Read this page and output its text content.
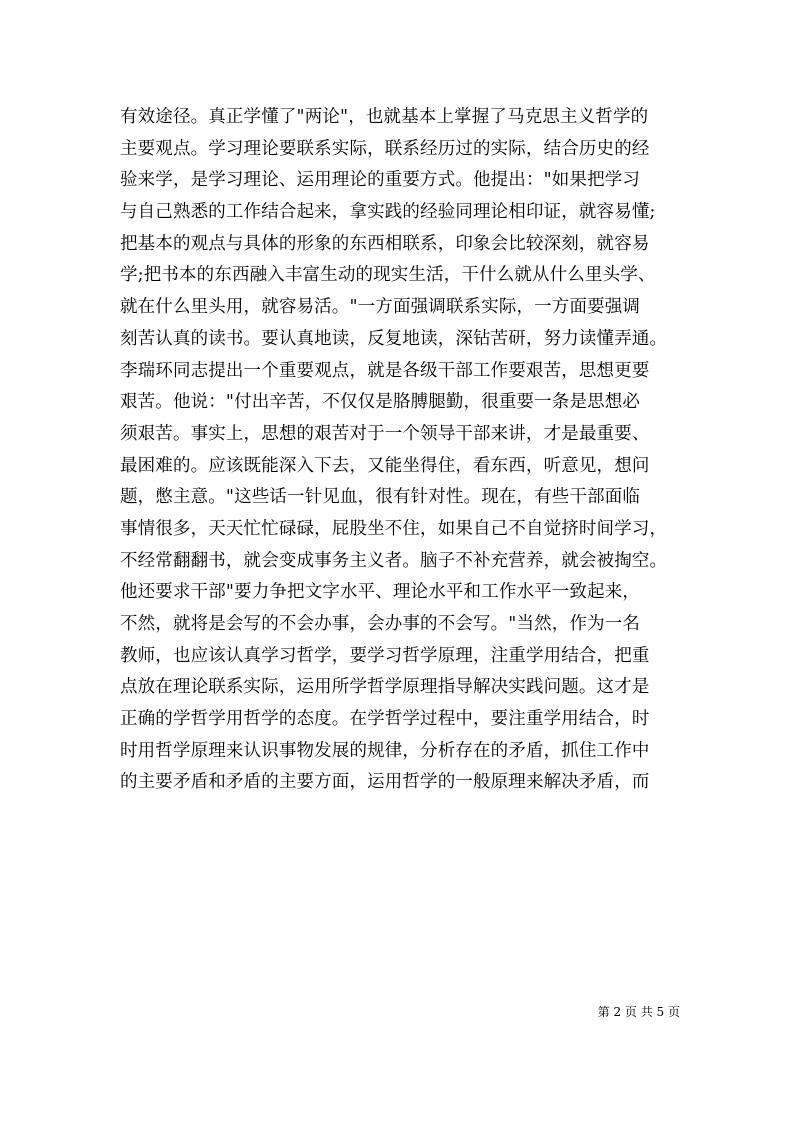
有效途径。真正学懂了"两论"，也就基本上掌握了马克思主义哲学的
主要观点。学习理论要联系实际，联系经历过的实际，结合历史的经
验来学，是学习理论、运用理论的重要方式。他提出："如果把学习
与自己熟悉的工作结合起来，拿实践的经验同理论相印证，就容易懂;
把基本的观点与具体的形象的东西相联系，印象会比较深刻，就容易
学;把书本的东西融入丰富生动的现实生活，干什么就从什么里头学、
就在什么里头用，就容易活。"一方面强调联系实际，一方面要强调
刻苦认真的读书。要认真地读，反复地读，深钻苦研，努力读懂弄通。
李瑞环同志提出一个重要观点，就是各级干部工作要艰苦，思想更要
艰苦。他说："付出辛苦，不仅仅是胳膊腿勤，很重要一条是思想必
须艰苦。事实上，思想的艰苦对于一个领导干部来讲，才是最重要、
最困难的。应该既能深入下去，又能坐得住，看东西，听意见，想问
题，憋主意。"这些话一针见血，很有针对性。现在，有些干部面临
事情很多，天天忙忙碌碌，屁股坐不住，如果自己不自觉挤时间学习，
不经常翻翻书，就会变成事务主义者。脑子不补充营养，就会被掏空。
他还要求干部"要力争把文字水平、理论水平和工作水平一致起来，
不然，就将是会写的不会办事，会办事的不会写。"当然，作为一名
教师，也应该认真学习哲学，要学习哲学原理，注重学用结合，把重
点放在理论联系实际，运用所学哲学原理指导解决实践问题。这才是
正确的学哲学用哲学的态度。在学哲学过程中，要注重学用结合，时
时用哲学原理来认识事物发展的规律，分析存在的矛盾，抓住工作中
的主要矛盾和矛盾的主要方面，运用哲学的一般原理来解决矛盾，而
第 2 页 共 5 页
